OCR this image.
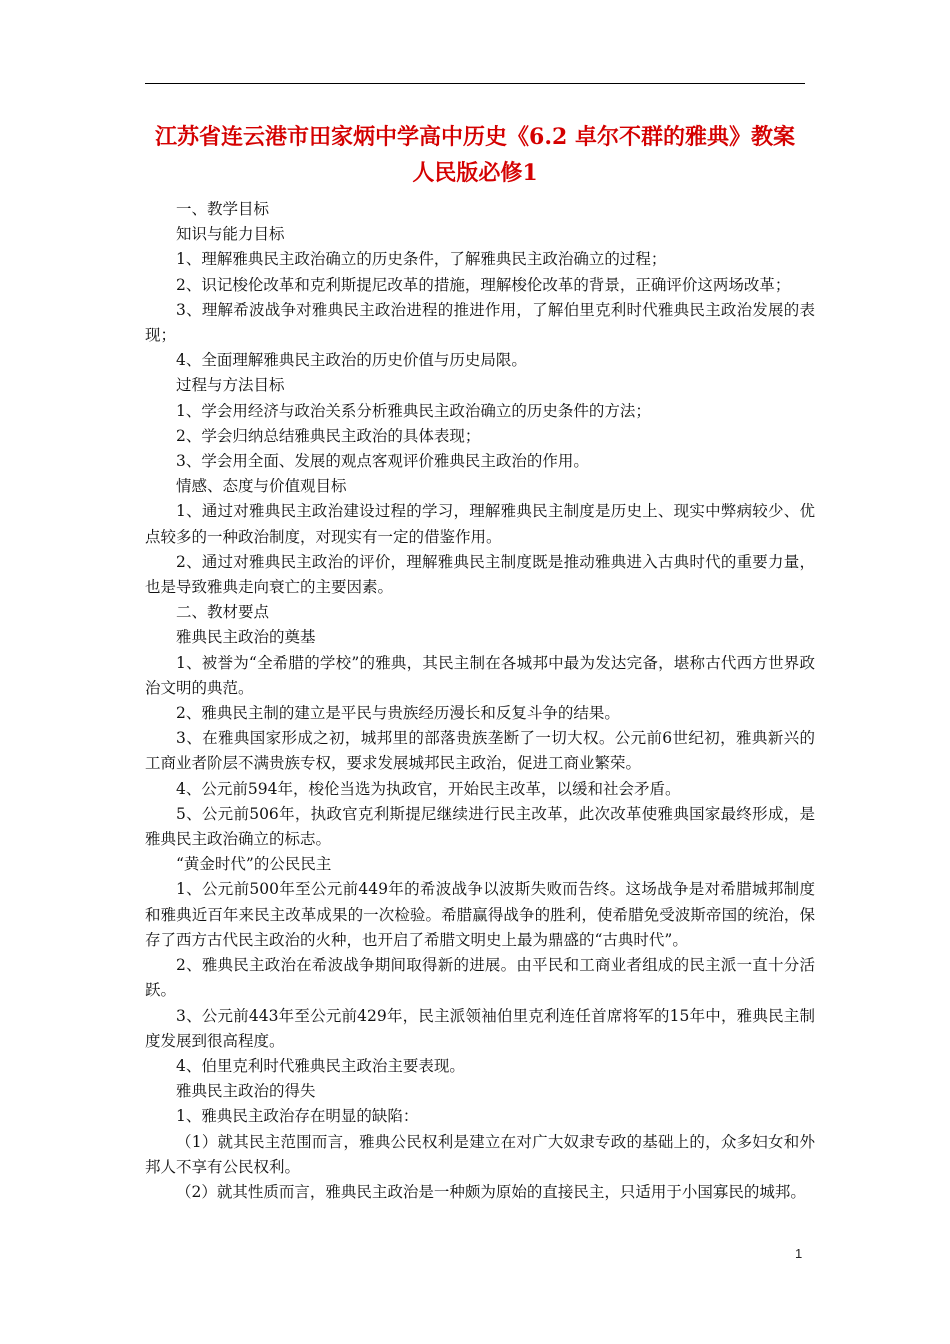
江苏省连云港市田家炳中学高中历史《6.2 卓尔不群的雅典》教案
人民版必修1

一、教学目标

知识与能力目标

1、理解雅典民主政治确立的历史条件，了解雅典民主政治确立的过程；

2、识记梭伦改革和克利斯提尼改革的措施，理解梭伦改革的背景，正确评价这两场改革；

3、理解希波战争对雅典民主政治进程的推进作用，了解伯里克利时代雅典民主政治发展的表现；

4、全面理解雅典民主政治的历史价值与历史局限。

过程与方法目标

1、学会用经济与政治关系分析雅典民主政治确立的历史条件的方法；

2、学会归纳总结雅典民主政治的具体表现；

3、学会用全面、发展的观点客观评价雅典民主政治的作用。

情感、态度与价值观目标

1、通过对雅典民主政治建设过程的学习，理解雅典民主制度是历史上、现实中弊病较少、优点较多的一种政治制度，对现实有一定的借鉴作用。

2、通过对雅典民主政治的评价，理解雅典民主制度既是推动雅典进入古典时代的重要力量，也是导致雅典走向衰亡的主要因素。

二、教材要点

雅典民主政治的奠基

1、被誉为“全希腊的学校”的雅典，其民主制在各城邦中最为发达完备，堪称古代西方世界政治文明的典范。

2、雅典民主制的建立是平民与贵族经历漫长和反复斗争的结果。

3、在雅典国家形成之初，城邦里的部落贵族垄断了一切大权。公元前6世纪初，雅典新兴的工商业者阶层不满贵族专权，要求发展城邦民主政治，促进工商业繁荣。

4、公元前594年，梭伦当选为执政官，开始民主改革，以缓和社会矛盾。

5、公元前506年，执政官克利斯提尼继续进行民主改革，此次改革使雅典国家最终形成，是雅典民主政治确立的标志。

“黄金时代”的公民民主

1、公元前500年至公元前449年的希波战争以波斯失败而告终。这场战争是对希腊城邦制度和雅典近百年来民主改革成果的一次检验。希腊赢得战争的胜利，使希腊免受波斯帝国的统治，保存了西方古代民主政治的火种，也开启了希腊文明史上最为鼎盛的“古典时代”。

2、雅典民主政治在希波战争期间取得新的进展。由平民和工商业者组成的民主派一直十分活跃。

3、公元前443年至公元前429年，民主派领袖伯里克利连任首席将军的15年中，雅典民主制度发展到很高程度。

4、伯里克利时代雅典民主政治主要表现。

雅典民主政治的得失

1、雅典民主政治存在明显的缺陷：

（1）就其民主范围而言，雅典公民权利是建立在对广大奴隶专政的基础上的，众多妇女和外邦人不享有公民权利。

（2）就其性质而言，雅典民主政治是一种颇为原始的直接民主，只适用于小国寡民的城邦。

1
